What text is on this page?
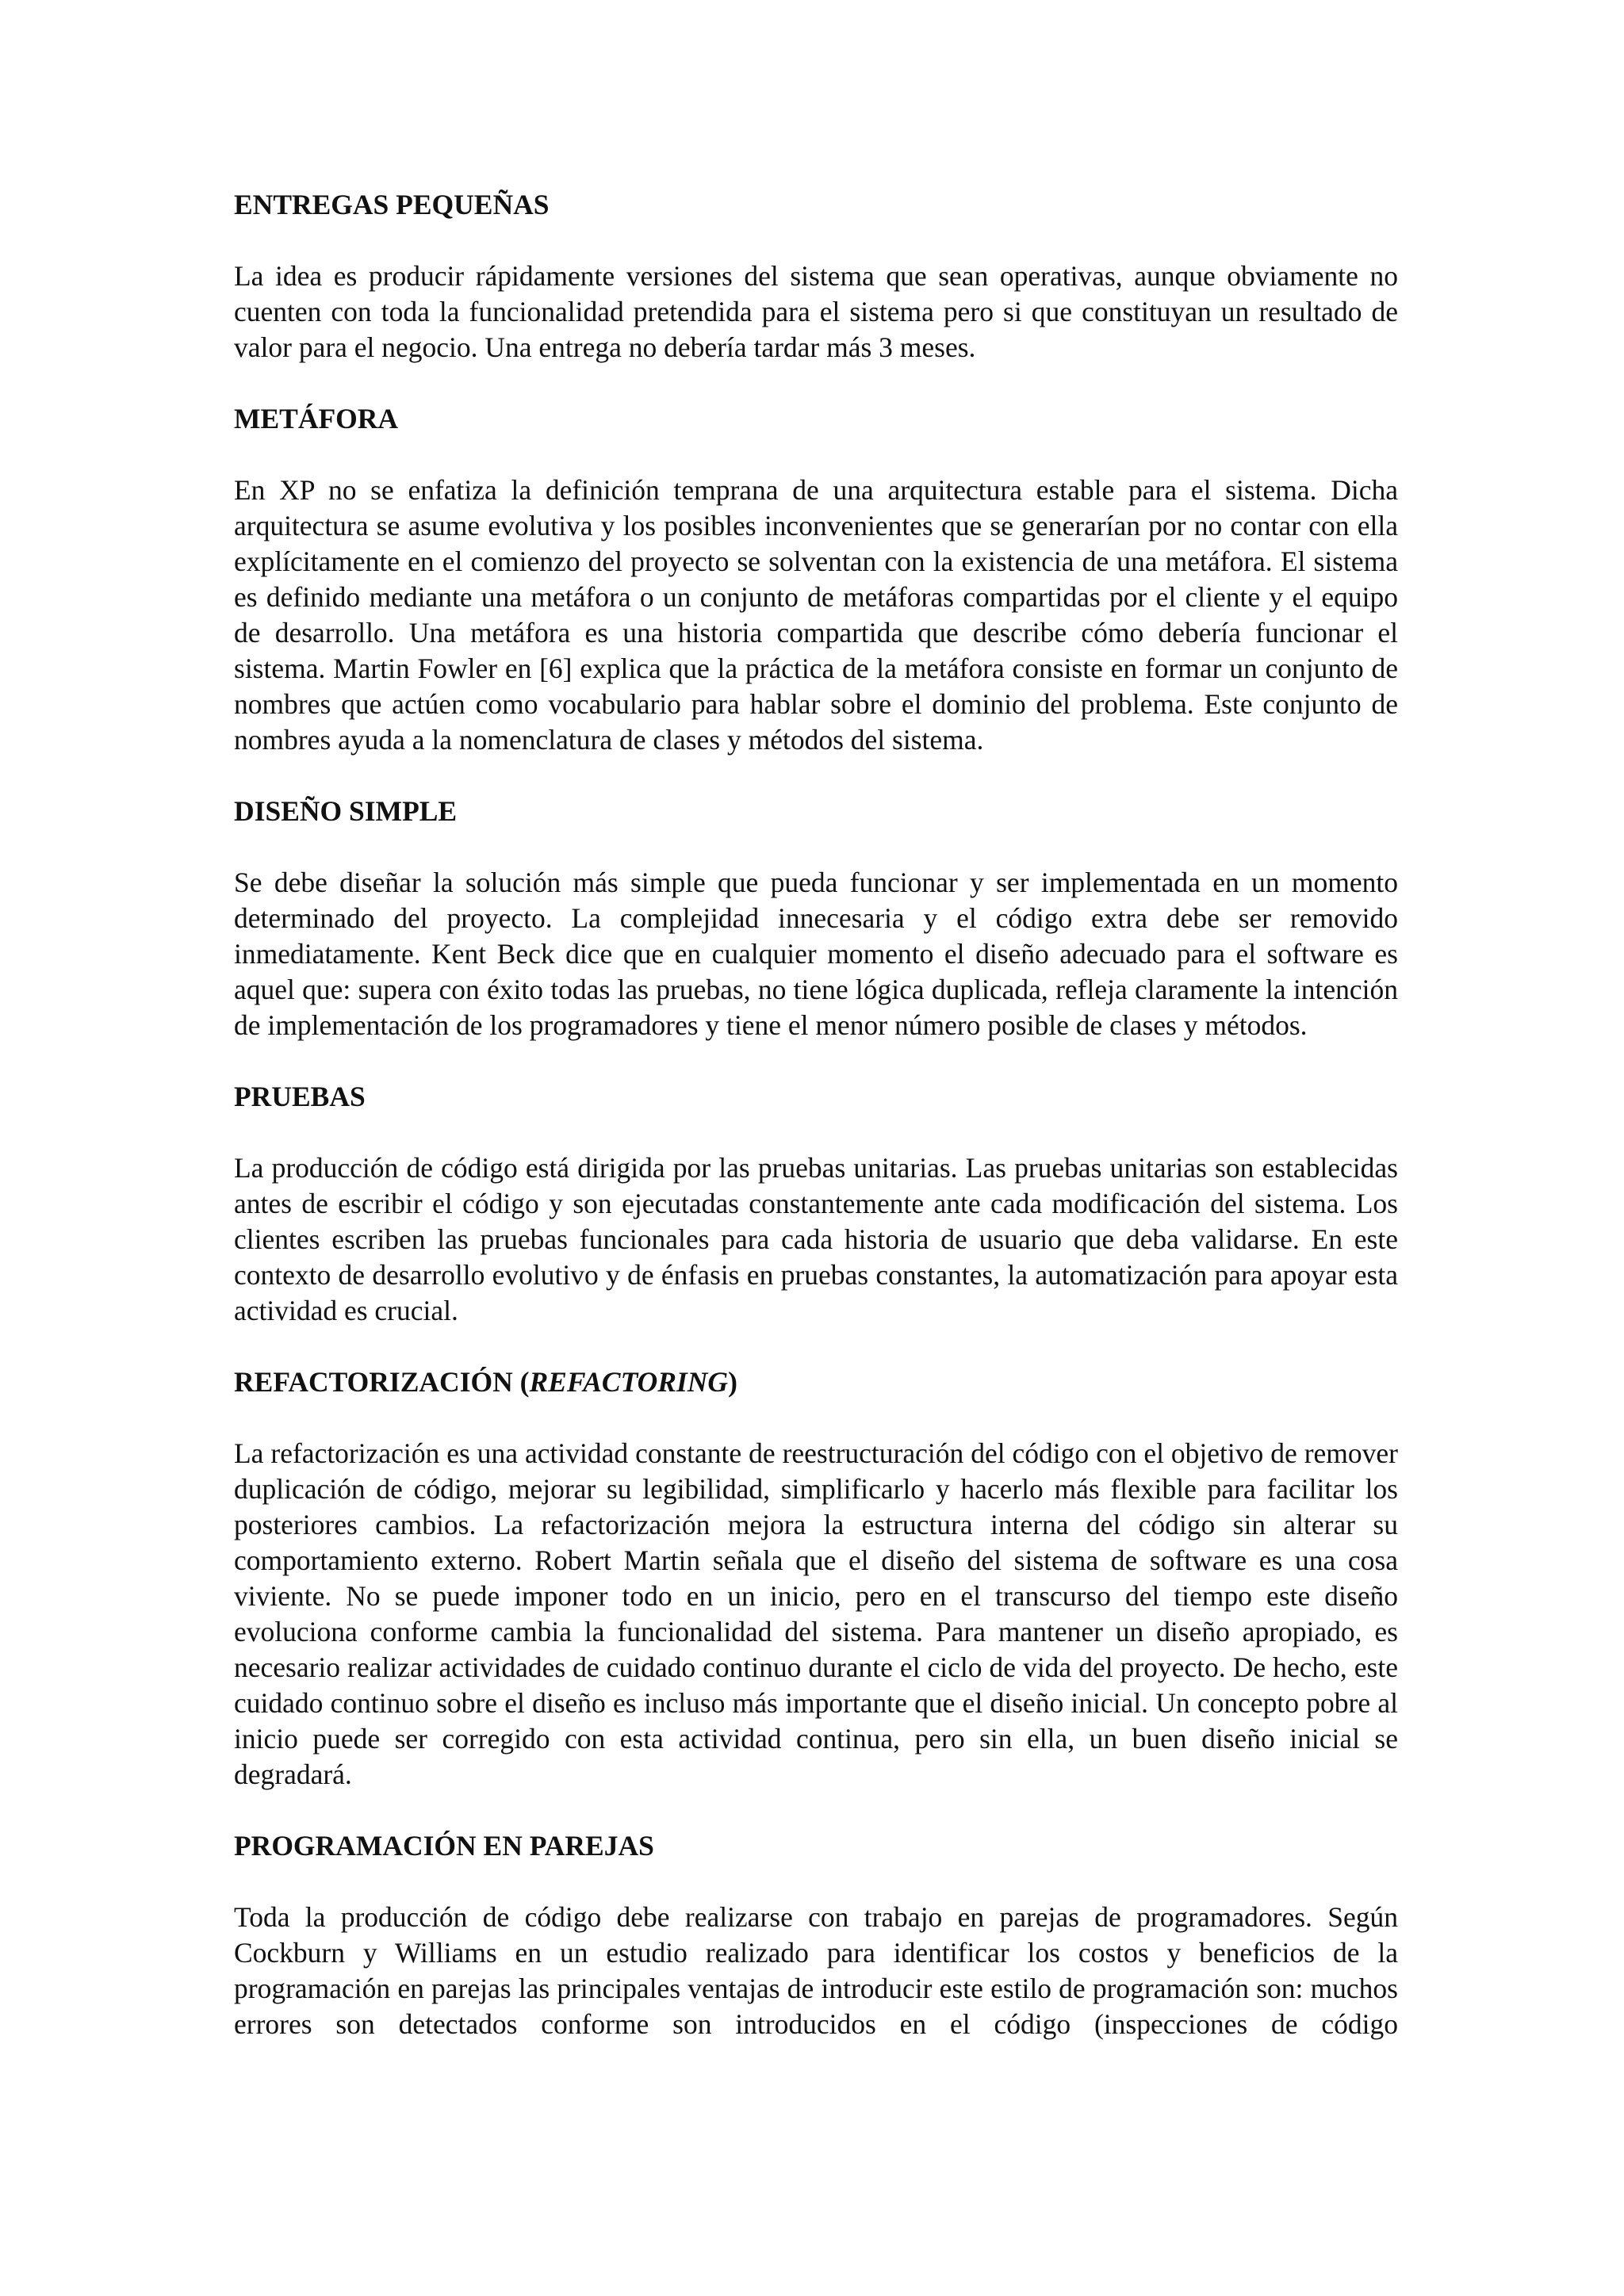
ENTREGAS PEQUEÑAS

La idea es producir rápidamente versiones del sistema que sean operativas, aunque obviamente no cuenten con toda la funcionalidad pretendida para el sistema pero si que constituyan un resultado de valor para el negocio. Una entrega no debería tardar más 3 meses.

METÁFORA

En XP no se enfatiza la definición temprana de una arquitectura estable para el sistema. Dicha arquitectura se asume evolutiva y los posibles inconvenientes que se generarían por no contar con ella explícitamente en el comienzo del proyecto se solventan con la existencia de una metáfora. El sistema es definido mediante una metáfora o un conjunto de metáforas compartidas por el cliente y el equipo de desarrollo. Una metáfora es una historia compartida que describe cómo debería funcionar el sistema. Martin Fowler en [6] explica que la práctica de la metáfora consiste en formar un conjunto de nombres que actúen como vocabulario para hablar sobre el dominio del problema. Este conjunto de nombres ayuda a la nomenclatura de clases y métodos del sistema.

DISEÑO SIMPLE

Se debe diseñar la solución más simple que pueda funcionar y ser implementada en un momento determinado del proyecto. La complejidad innecesaria y el código extra debe ser removido inmediatamente. Kent Beck dice que en cualquier momento el diseño adecuado para el software es aquel que: supera con éxito todas las pruebas, no tiene lógica duplicada, refleja claramente la intención de implementación de los programadores y tiene el menor número posible de clases y métodos.

PRUEBAS

La producción de código está dirigida por las pruebas unitarias. Las pruebas unitarias son establecidas antes de escribir el código y son ejecutadas constantemente ante cada modificación del sistema. Los clientes escriben las pruebas funcionales para cada historia de usuario que deba validarse. En este contexto de desarrollo evolutivo y de énfasis en pruebas constantes, la automatización para apoyar esta actividad es crucial.

REFACTORIZACIÓN (REFACTORING)

La refactorización es una actividad constante de reestructuración del código con el objetivo de remover duplicación de código, mejorar su legibilidad, simplificarlo y hacerlo más flexible para facilitar los posteriores cambios. La refactorización mejora la estructura interna del código sin alterar su comportamiento externo. Robert Martin señala que el diseño del sistema de software es una cosa viviente. No se puede imponer todo en un inicio, pero en el transcurso del tiempo este diseño evoluciona conforme cambia la funcionalidad del sistema. Para mantener un diseño apropiado, es necesario realizar actividades de cuidado continuo durante el ciclo de vida del proyecto. De hecho, este cuidado continuo sobre el diseño es incluso más importante que el diseño inicial. Un concepto pobre al inicio puede ser corregido con esta actividad continua, pero sin ella, un buen diseño inicial se degradará.

PROGRAMACIÓN EN PAREJAS

Toda la producción de código debe realizarse con trabajo en parejas de programadores. Según Cockburn y Williams en un estudio realizado para identificar los costos y beneficios de la programación en parejas las principales ventajas de introducir este estilo de programación son: muchos errores son detectados conforme son introducidos en el código (inspecciones de código
